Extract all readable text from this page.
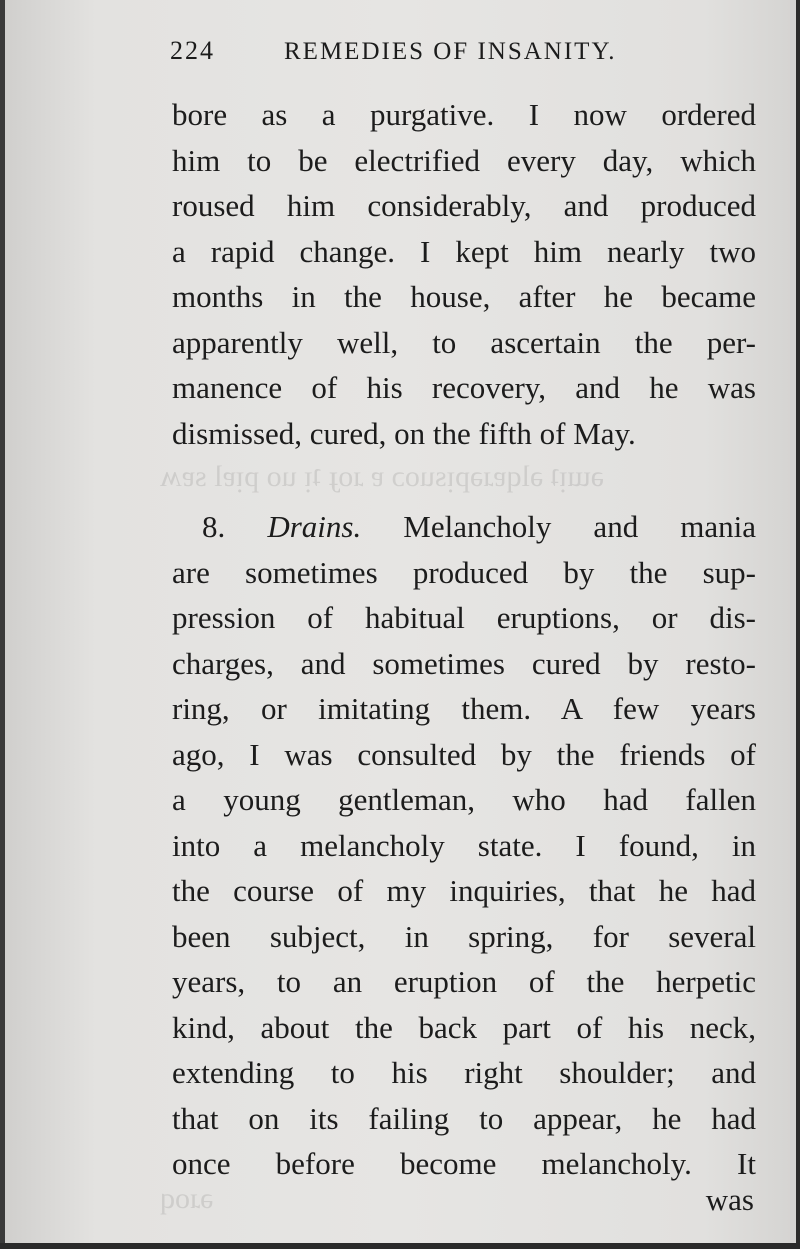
ǝɯᴉʇ ǝlqɐɹǝpᴉsuoɔ ɐ ɹoɟ ʇᴉ uo pᴉɐl sɐʍ
ǝɹoq
224	REMEDIES OF INSANITY.
bore as a purgative. I now ordered
him to be electrified every day, which
roused him considerably, and produced
a rapid change. I kept him nearly two
months in the house, after he became
apparently well, to ascertain the per-
manence of his recovery, and he was
dismissed, cured, on the fifth of May.
8. Drains. Melancholy and mania
are sometimes produced by the sup-
pression of habitual eruptions, or dis-
charges, and sometimes cured by resto-
ring, or imitating them. A few years
ago, I was consulted by the friends of
a young gentleman, who had fallen
into a melancholy state. I found, in
the course of my inquiries, that he had
been subject, in spring, for several
years, to an eruption of the herpetic
kind, about the back part of his neck,
extending to his right shoulder; and
that on its failing to appear, he had
once before become melancholy. It
was
